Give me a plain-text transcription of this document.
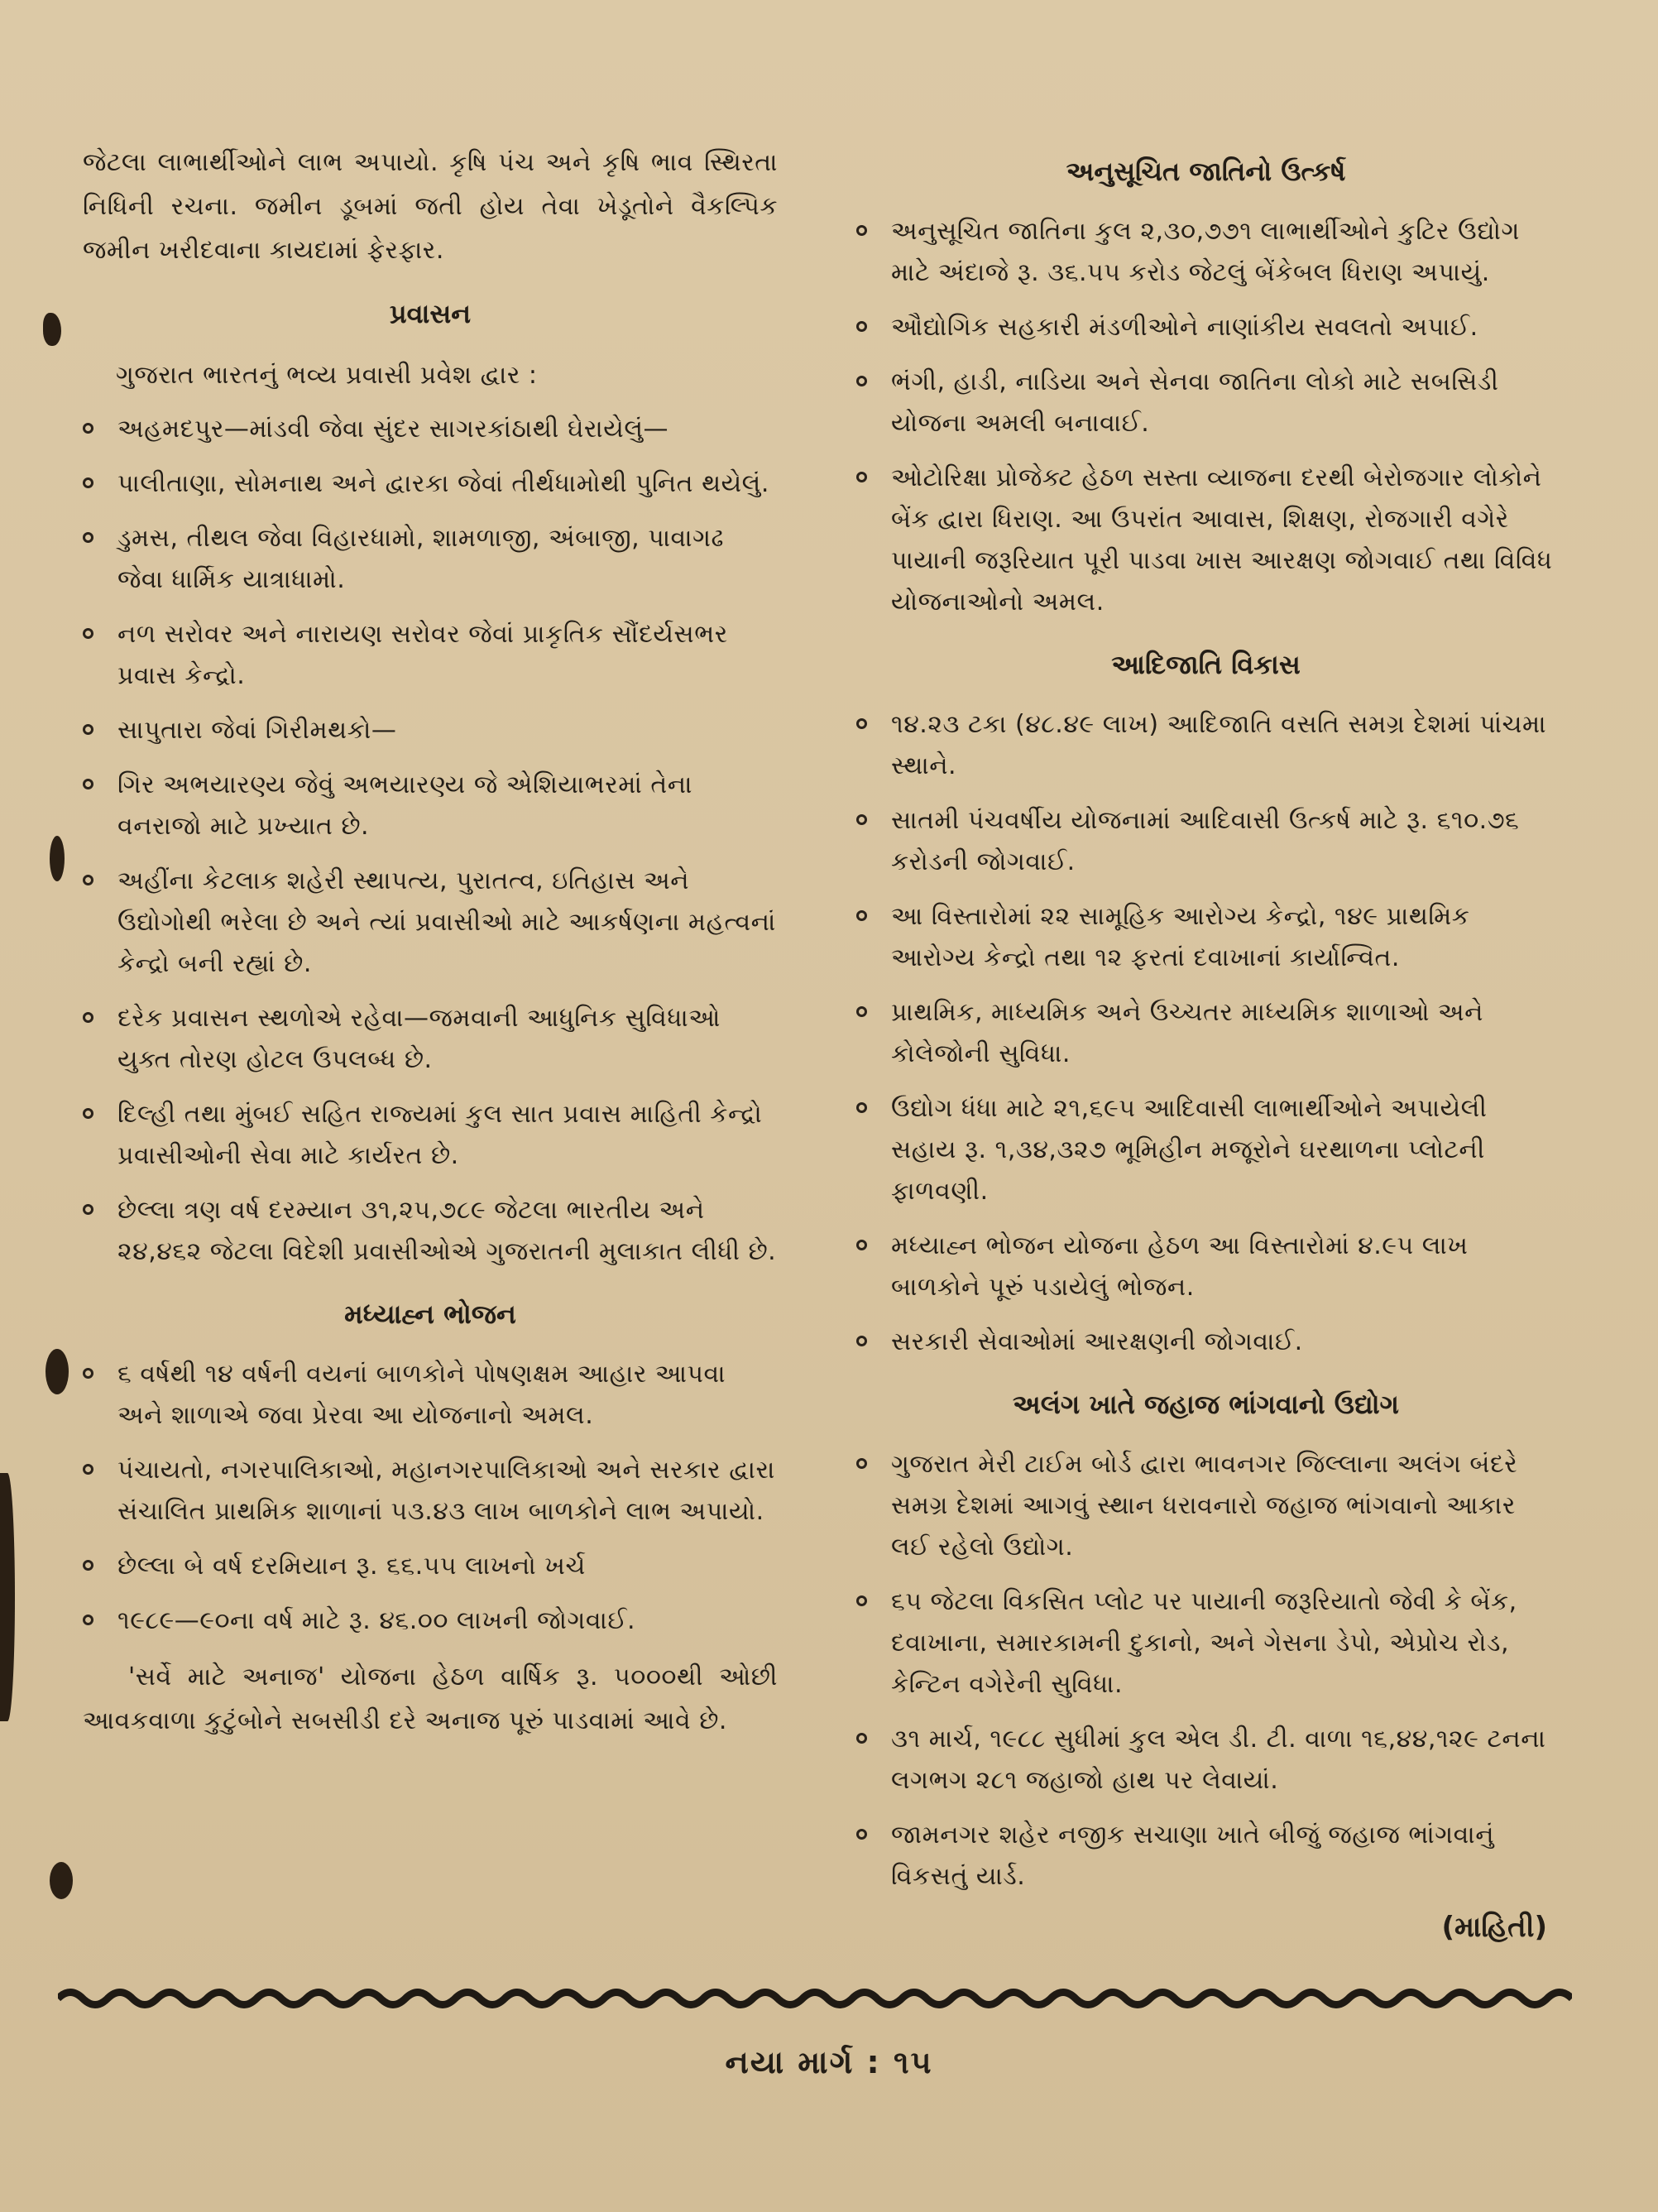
જેટલા લાભાર્થીઓને લાભ અપાયો. કૃષિ પંચ અને કૃષિ ભાવ સ્થિરતા નિધિની રચના. જમીન ડૂબમાં જતી હોય તેવા ખેડૂતોને વૈકલ્પિક જમીન ખરીદવાના કાયદામાં ફેરફાર.

પ્રવાસન

ગુજરાત ભારતનું ભવ્ય પ્રવાસી પ્રવેશ દ્વાર :

અહમદપુર—માંડવી જેવા સુંદર સાગરકાંઠાથી ઘેરાયેલું—
પાલીતાણા, સોમનાથ અને દ્વારકા જેવાં તીર્થધામોથી પુનિત થયેલું.
ડુમસ, તીથલ જેવા વિહારધામો, શામળાજી, અંબાજી, પાવાગઢ જેવા ધાર્મિક યાત્રાધામો.
નળ સરોવર અને નારાયણ સરોવર જેવાં પ્રાકૃતિક સૌંદર્યસભર પ્રવાસ કેન્દ્રો.
સાપુતારા જેવાં ગિરીમથકો—
ગિર અભયારણ્ય જેવું અભયારણ્ય જે એશિયાભરમાં તેના વનરાજો માટે પ્રખ્યાત છે.
અહીંના કેટલાક શહેરી સ્થાપત્ય, પુરાતત્વ, ઇતિહાસ અને ઉદ્યોગોથી ભરેલા છે અને ત્યાં પ્રવાસીઓ માટે આકર્ષણના મહત્વનાં કેન્દ્રો બની રહ્યાં છે.
દરેક પ્રવાસન સ્થળોએ રહેવા—જમવાની આધુનિક સુવિધાઓ યુક્ત તોરણ હોટલ ઉપલબ્ધ છે.
દિલ્હી તથા મુંબઈ સહિત રાજ્યમાં કુલ સાત પ્રવાસ માહિતી કેન્દ્રો પ્રવાસીઓની સેવા માટે કાર્યરત છે.
છેલ્લા ત્રણ વર્ષ દરમ્યાન ૩૧,૨૫,૭૮૯ જેટલા ભારતીય અને ૨૪,૪૬૨ જેટલા વિદેશી પ્રવાસીઓએ ગુજરાતની મુલાકાત લીધી છે.
મધ્યાહ્ન ભોજન
૬ વર્ષથી ૧૪ વર્ષની વયનાં બાળકોને પોષણક્ષમ આહાર આપવા અને શાળાએ જવા પ્રેરવા આ યોજનાનો અમલ.
પંચાયતો, નગરપાલિકાઓ, મહાનગરપાલિકાઓ અને સરકાર દ્વારા સંચાલિત પ્રાથમિક શાળાનાં ૫૩.૪૩ લાખ બાળકોને લાભ અપાયો.
છેલ્લા બે વર્ષ દરમિયાન રૂ. ૬૬.૫૫ લાખનો ખર્ચ
૧૯૮૯—૯૦ના વર્ષ માટે રૂ. ૪૬.૦૦ લાખની જોગવાઈ.

'સર્વે માટે અનાજ' યોજના હેઠળ વાર્ષિક રૂ. ૫૦૦૦થી ઓછી આવકવાળા કુટુંબોને સબસીડી દરે અનાજ પૂરું પાડવામાં આવે છે.

અનુસૂચિત જાતિનો ઉત્કર્ષ
અનુસૂચિત જાતિના કુલ ૨,૩૦,૭૭૧ લાભાર્થીઓને કુટિર ઉદ્યોગ માટે અંદાજે રૂ. ૩૬.૫૫ કરોડ જેટલું બેંકેબલ ધિરાણ અપાયું.
ઔદ્યોગિક સહકારી મંડળીઓને નાણાંકીય સવલતો અપાઈ.
ભંગી, હાડી, નાડિયા અને સેનવા જાતિના લોકો માટે સબસિડી યોજના અમલી બનાવાઈ.
ઓટોરિક્ષા પ્રોજેક્ટ હેઠળ સસ્તા વ્યાજના દરથી બેરોજગાર લોકોને બેંક દ્વારા ધિરાણ. આ ઉપરાંત આવાસ, શિક્ષણ, રોજગારી વગેરે પાયાની જરૂરિયાત પૂરી પાડવા ખાસ આરક્ષણ જોગવાઈ તથા વિવિધ યોજનાઓનો અમલ.
આદિજાતિ વિકાસ
૧૪.૨૩ ટકા (૪૮.૪૯ લાખ) આદિજાતિ વસતિ સમગ્ર દેશમાં પાંચમા સ્થાને.
સાતમી પંચવર્ષીય યોજનામાં આદિવાસી ઉત્કર્ષ માટે રૂ. ૬૧૦.૭૬ કરોડની જોગવાઈ.
આ વિસ્તારોમાં ૨૨ સામૂહિક આરોગ્ય કેન્દ્રો, ૧૪૯ પ્રાથમિક આરોગ્ય કેન્દ્રો તથા ૧૨ ફરતાં દવાખાનાં કાર્યાન્વિત.
પ્રાથમિક, માધ્યમિક અને ઉચ્ચતર માધ્યમિક શાળાઓ અને કોલેજોની સુવિધા.
ઉદ્યોગ ધંધા માટે ૨૧,૬૯૫ આદિવાસી લાભાર્થીઓને અપાયેલી સહાય રૂ. ૧,૩૪,૩૨૭ ભૂમિહીન મજૂરોને ઘરથાળના પ્લોટની ફાળવણી.
મધ્યાહ્ન ભોજન યોજના હેઠળ આ વિસ્તારોમાં ૪.૯૫ લાખ બાળકોને પૂરું પડાયેલું ભોજન.
સરકારી સેવાઓમાં આરક્ષણની જોગવાઈ.
અલંગ ખાતે જહાજ ભાંગવાનો ઉદ્યોગ
ગુજરાત મેરી ટાઈમ બોર્ડ દ્વારા ભાવનગર જિલ્લાના અલંગ બંદરે સમગ્ર દેશમાં આગવું સ્થાન ધરાવનારો જહાજ ભાંગવાનો આકાર લઈ રહેલો ઉદ્યોગ.
૬૫ જેટલા વિકસિત પ્લોટ પર પાયાની જરૂરિયાતો જેવી કે બેંક, દવાખાના, સમારકામની દુકાનો, અને ગેસના ડેપો, એપ્રોચ રોડ, કેન્ટિન વગેરેની સુવિધા.
૩૧ માર્ચ, ૧૯૮૮ સુધીમાં કુલ એલ ડી. ટી. વાળા ૧૬,૪૪,૧૨૯ ટનના લગભગ ૨૮૧ જહાજો હાથ પર લેવાયાં.
જામનગર શહેર નજીક સચાણા ખાતે બીજું જહાજ ભાંગવાનું વિકસતું યાર્ડ.
(માહિતી)
નયા માર્ગ : ૧૫
